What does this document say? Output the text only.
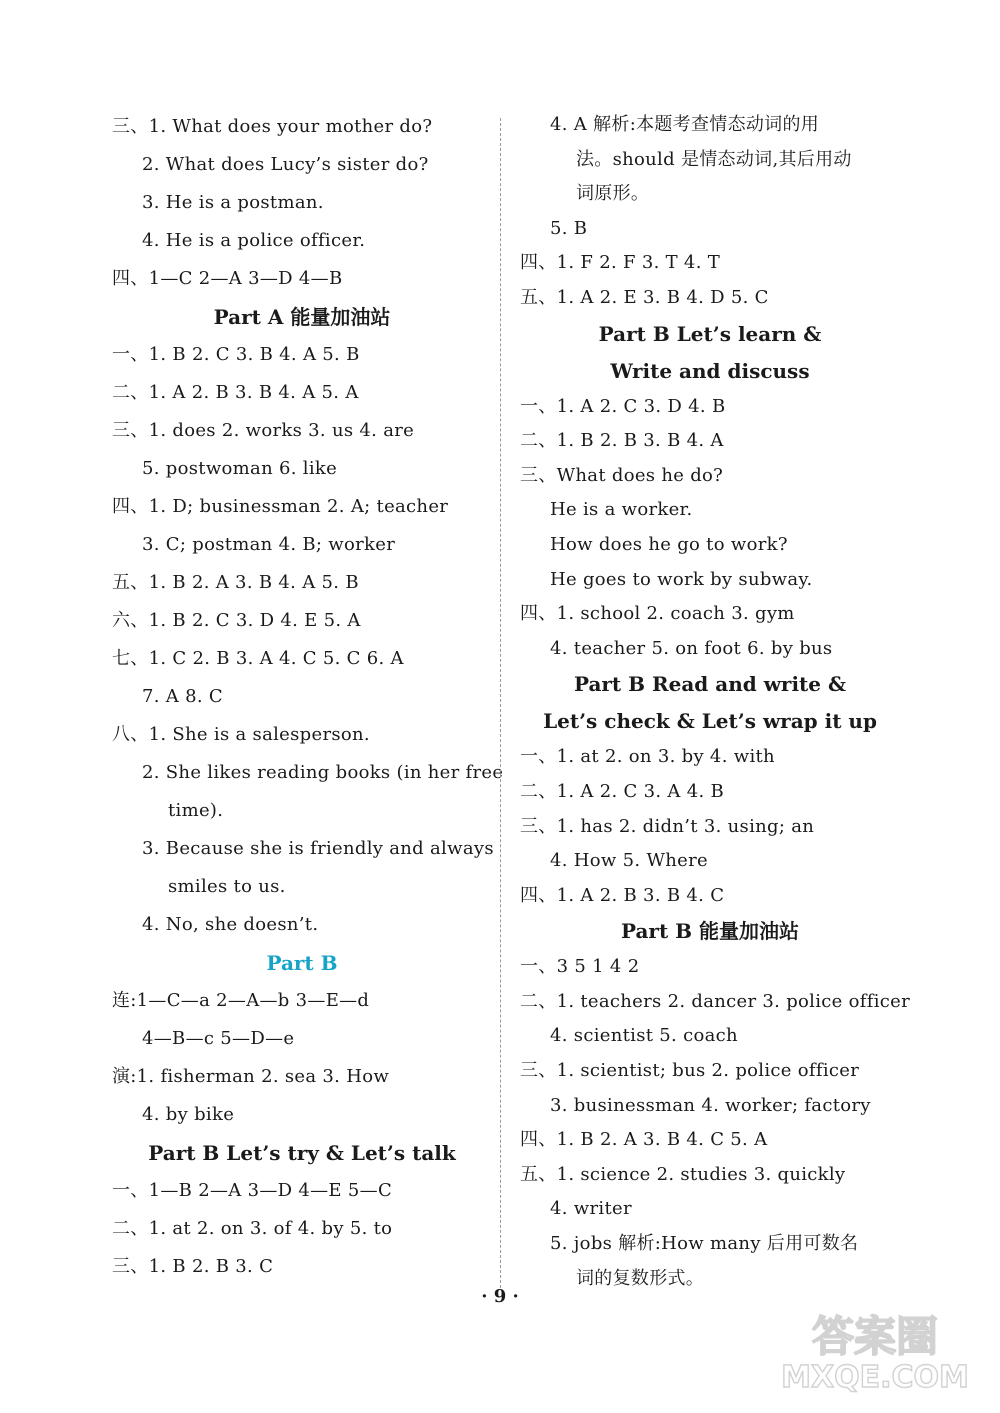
三、1. What does your mother do?
2. What does Lucy’s sister do?
3. He is a postman.
4. He is a police officer.
四、1—C 2—A 3—D 4—B
Part A 能量加油站
一、1. B 2. C 3. B 4. A 5. B
二、1. A 2. B 3. B 4. A 5. A
三、1. does 2. works 3. us 4. are
5. postwoman 6. like
四、1. D; businessman 2. A; teacher
3. C; postman 4. B; worker
五、1. B 2. A 3. B 4. A 5. B
六、1. B 2. C 3. D 4. E 5. A
七、1. C 2. B 3. A 4. C 5. C 6. A
7. A 8. C
八、1. She is a salesperson.
2. She likes reading books (in her free
time).
3. Because she is friendly and always
smiles to us.
4. No, she doesn’t.
Part B
连:1—C—a 2—A—b 3—E—d
4—B—c 5—D—e
演:1. fisherman 2. sea 3. How
4. by bike
Part B Let’s try & Let’s talk
一、1—B 2—A 3—D 4—E 5—C
二、1. at 2. on 3. of 4. by 5. to
三、1. B 2. B 3. C
4. A 解析:本题考查情态动词的用
法。should 是情态动词,其后用动
词原形。
5. B
四、1. F 2. F 3. T 4. T
五、1. A 2. E 3. B 4. D 5. C
Part B Let’s learn &
Write and discuss
一、1. A 2. C 3. D 4. B
二、1. B 2. B 3. B 4. A
三、What does he do?
He is a worker.
How does he go to work?
He goes to work by subway.
四、1. school 2. coach 3. gym
4. teacher 5. on foot 6. by bus
Part B Read and write &
Let’s check & Let’s wrap it up
一、1. at 2. on 3. by 4. with
二、1. A 2. C 3. A 4. B
三、1. has 2. didn’t 3. using; an
4. How 5. Where
四、1. A 2. B 3. B 4. C
Part B 能量加油站
一、3 5 1 4 2
二、1. teachers 2. dancer 3. police officer
4. scientist 5. coach
三、1. scientist; bus 2. police officer
3. businessman 4. worker; factory
四、1. B 2. A 3. B 4. C 5. A
五、1. science 2. studies 3. quickly
4. writer
5. jobs 解析:How many 后用可数名
词的复数形式。
· 9 ·
答案圈
MXQE.COM
